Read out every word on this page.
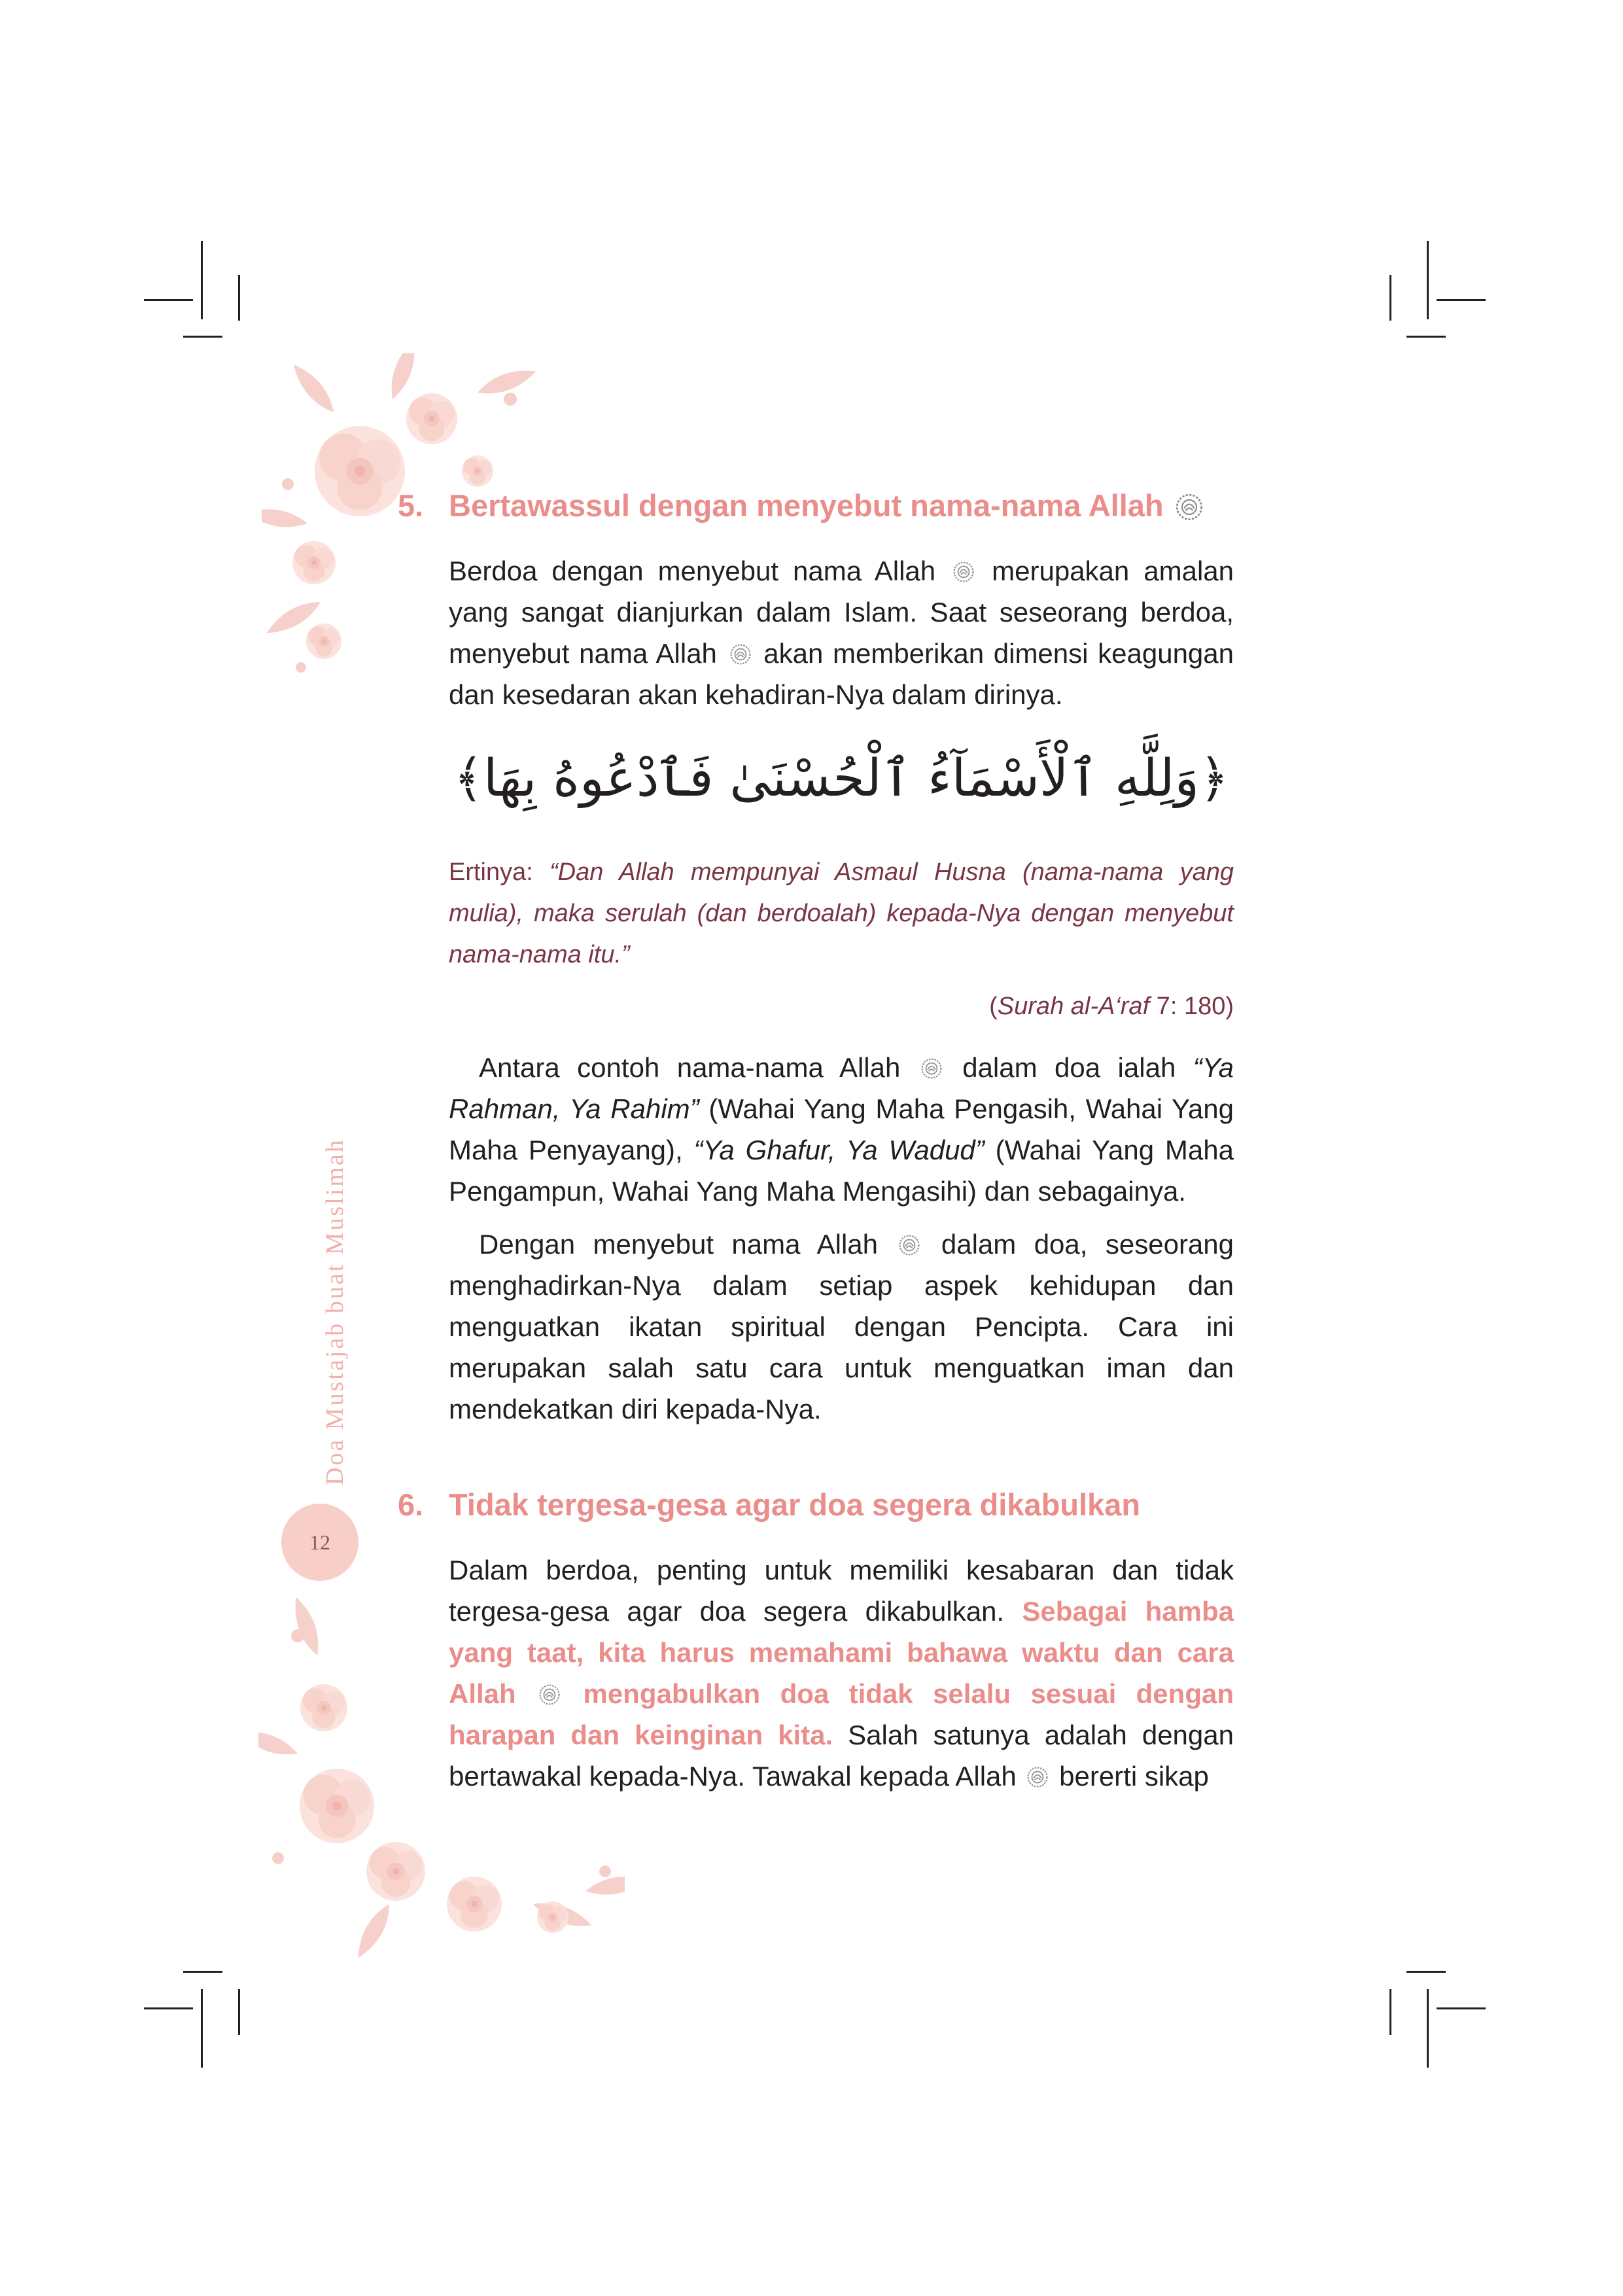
Doa Mustajab buat Muslimah
12
5. Bertawassul dengan menyebut nama-nama Allah

Berdoa dengan menyebut nama Allah merupakan amalan yang sangat dianjurkan dalam Islam. Saat seseorang berdoa, menyebut nama Allah akan memberikan dimensi keagungan dan kesedaran akan kehadiran-Nya dalam dirinya.

﴿وَلِلَّهِ ٱلْأَسْمَآءُ ٱلْحُسْنَىٰ فَٱدْعُوهُ بِهَا﴾

Ertinya: “Dan Allah mempunyai Asmaul Husna (nama-nama yang mulia), maka serulah (dan berdoalah) kepada-Nya dengan menyebut nama-nama itu.”

(Surah al-A‘raf 7: 180)

Antara contoh nama-nama Allah dalam doa ialah “Ya Rahman, Ya Rahim” (Wahai Yang Maha Pengasih, Wahai Yang Maha Penyayang), “Ya Ghafur, Ya Wadud” (Wahai Yang Maha Pengampun, Wahai Yang Maha Mengasihi) dan sebagainya.

Dengan menyebut nama Allah dalam doa, seseorang menghadirkan-Nya dalam setiap aspek kehidupan dan menguatkan ikatan spiritual dengan Pencipta. Cara ini merupakan salah satu cara untuk menguatkan iman dan mendekatkan diri kepada-Nya.

6. Tidak tergesa-gesa agar doa segera dikabulkan

Dalam berdoa, penting untuk memiliki kesabaran dan tidak tergesa-gesa agar doa segera dikabulkan. Sebagai hamba yang taat, kita harus memahami bahawa waktu dan cara Allah mengabulkan doa tidak selalu sesuai dengan harapan dan keinginan kita. Salah satunya adalah dengan bertawakal kepada-Nya. Tawakal kepada Allah bererti sikap
